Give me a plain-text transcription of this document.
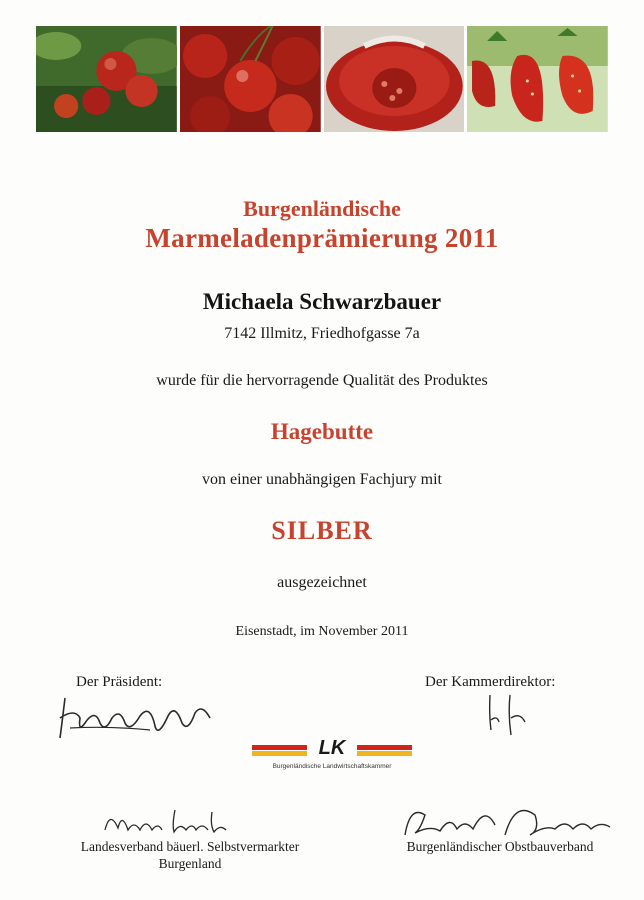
Burgenländische
Marmeladenprämierung 2011
Michaela Schwarzbauer
7142 Illmitz, Friedhofgasse 7a
wurde für die hervorragende Qualität des Produktes
Hagebutte
von einer unabhängigen Fachjury mit
SILBER
ausgezeichnet
Eisenstadt, im November 2011
Der Präsident:	Der Kammerdirektor:
LK
Burgenländische Landwirtschaftskammer
Landesverband bäuerl. Selbstvermarkter
Burgenland
Burgenländischer Obstbauverband
